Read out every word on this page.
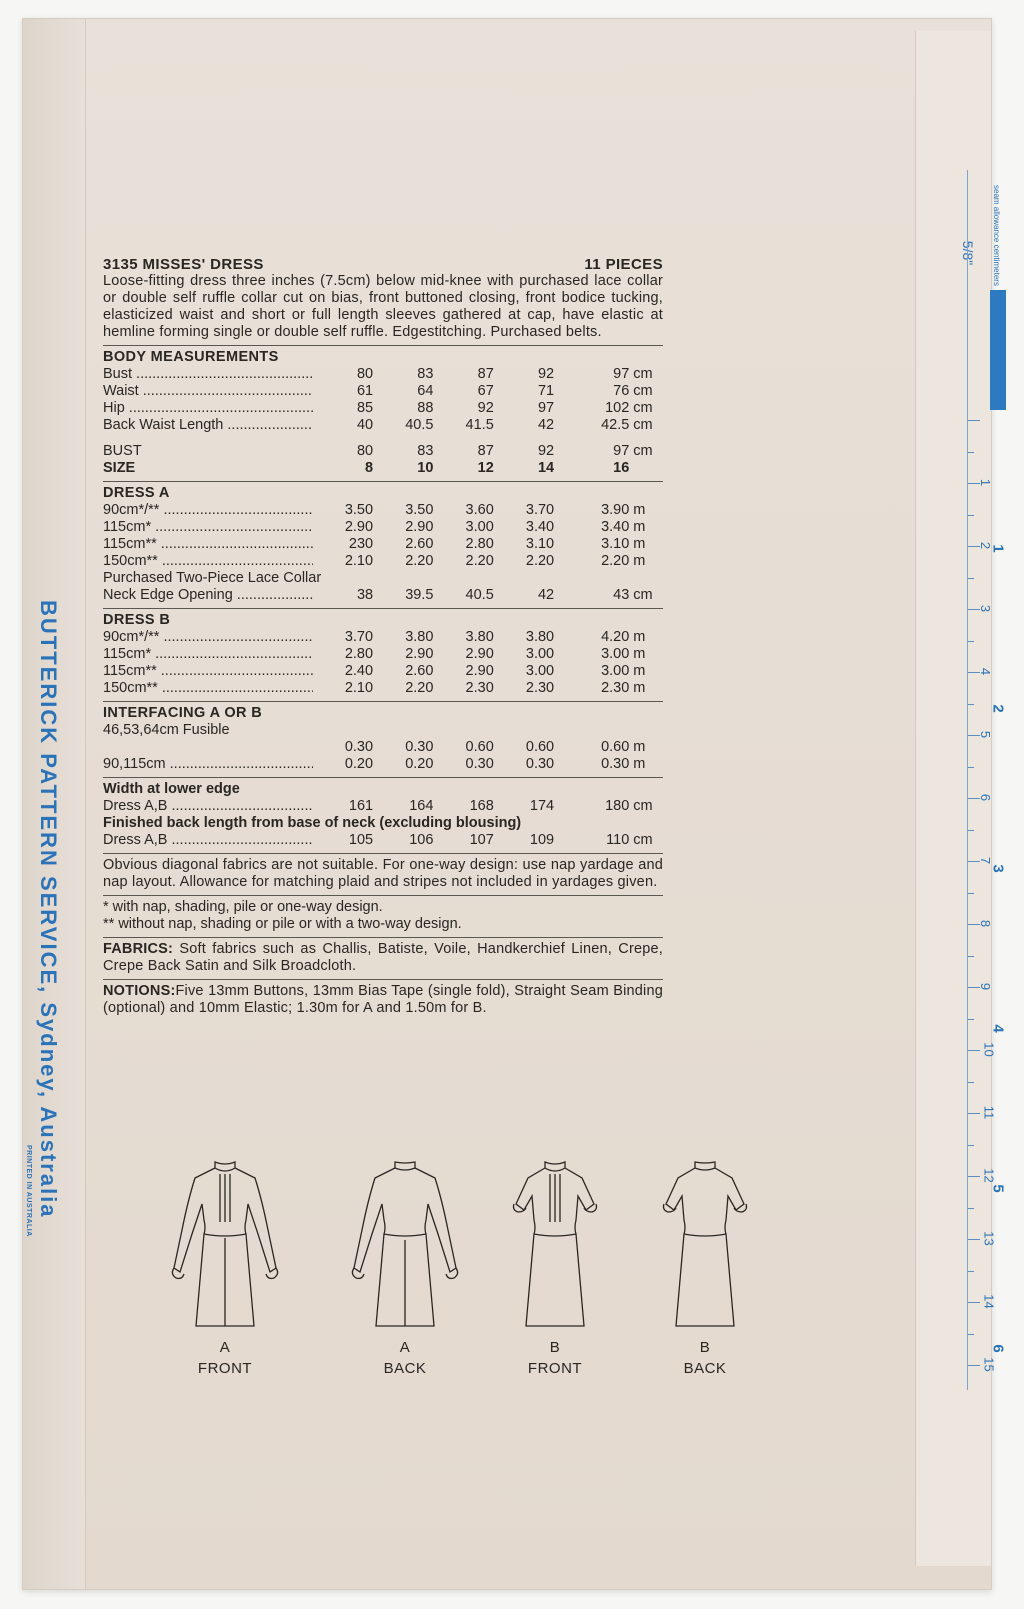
BUTTERICK PATTERN SERVICE, Sydney, Australia
PRINTED IN AUSTRALIA
seam allowance centimeters
5/8"
1
2
3
4
5
6
7
8
9
10
11
12
13
14
15
1
2
3
4
5
6
3135 MISSES' DRESS	11 PIECES
Loose-fitting dress three inches (7.5cm) below mid-knee with purchased lace collar or double self ruffle collar cut on bias, front buttoned closing, front bodice tucking, elasticized waist and short or full length sleeves gathered at cap, have elastic at hemline forming single or double self ruffle. Edgestitching. Purchased belts.
BODY MEASUREMENTS
Bust .....	80	83	87	92	97 cm
Waist .....	61	64	67	71	76 cm
Hip .....	85	88	92	97	102 cm
Back Waist Length .....	40	40.5	41.5	42	42.5 cm
BUST	80	83	87	92	97 cm
SIZE	8	10	12	14	16
DRESS A
90cm*/** .....	3.50	3.50	3.60	3.70	3.90 m
115cm* .....	2.90	2.90	3.00	3.40	3.40 m
115cm** .....	230	2.60	2.80	3.10	3.10 m
150cm** .....	2.10	2.20	2.20	2.20	2.20 m
Purchased Two-Piece Lace Collar
Neck Edge Opening .....	38	39.5	40.5	42	43 cm
DRESS B
90cm*/** .....	3.70	3.80	3.80	3.80	4.20 m
115cm* .....	2.80	2.90	2.90	3.00	3.00 m
115cm** .....	2.40	2.60	2.90	3.00	3.00 m
150cm** .....	2.10	2.20	2.30	2.30	2.30 m
INTERFACING A OR B
46,53,64cm Fusible
0.30	0.30	0.60	0.60	0.60 m
90,115cm .....	0.20	0.20	0.30	0.30	0.30 m
Width at lower edge
Dress A,B .....	161	164	168	174	180 cm
Finished back length from base of neck (excluding blousing)
Dress A,B .....	105	106	107	109	110 cm
Obvious diagonal fabrics are not suitable. For one-way design: use nap yardage and nap layout. Allowance for matching plaid and stripes not included in yardages given.
* with nap, shading, pile or one-way design.
** without nap, shading or pile or with a two-way design.
FABRICS: Soft fabrics such as Challis, Batiste, Voile, Handkerchief Linen, Crepe, Crepe Back Satin and Silk Broadcloth.
NOTIONS:Five 13mm Buttons, 13mm Bias Tape (single fold), Straight Seam Binding (optional) and 10mm Elastic; 1.30m for A and 1.50m for B.
A
FRONT
A
BACK
B
FRONT
B
BACK
